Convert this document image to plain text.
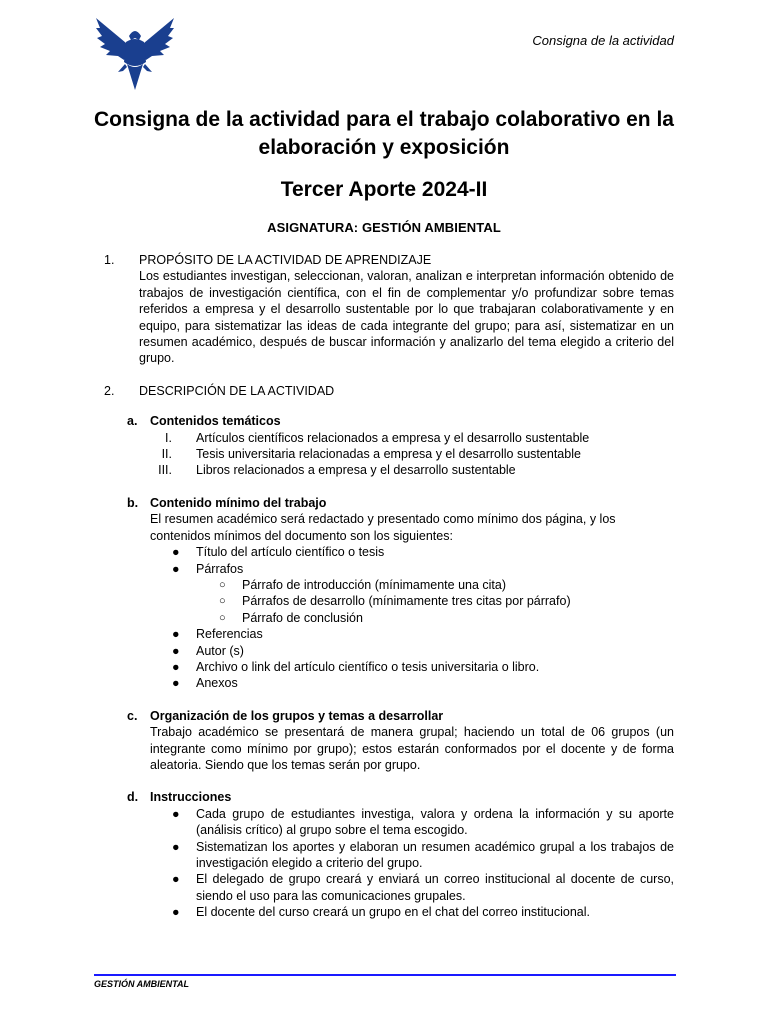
Consigna de la actividad
Consigna de la actividad para el trabajo colaborativo en la elaboración y exposición
Tercer Aporte 2024-II
ASIGNATURA: GESTIÓN AMBIENTAL
1. PROPÓSITO DE LA ACTIVIDAD DE APRENDIZAJE
Los estudiantes investigan, seleccionan, valoran, analizan e interpretan información obtenido de trabajos de investigación científica, con el fin de complementar y/o profundizar sobre temas referidos a empresa y el desarrollo sustentable por lo que trabajaran colaborativamente y en equipo, para sistematizar las ideas de cada integrante del grupo; para así, sistematizar en un resumen académico, después de buscar información y analizarlo del tema elegido a criterio del grupo.
2. DESCRIPCIÓN DE LA ACTIVIDAD
a. Contenidos temáticos
I. Artículos científicos relacionados a empresa y el desarrollo sustentable
II. Tesis universitaria relacionadas a empresa y el desarrollo sustentable
III. Libros relacionados a empresa y el desarrollo sustentable
b. Contenido mínimo del trabajo
El resumen académico será redactado y presentado como mínimo dos página, y los contenidos mínimos del documento son los siguientes:
● Título del artículo científico o tesis
● Párrafos
○ Párrafo de introducción (mínimamente una cita)
○ Párrafos de desarrollo (mínimamente tres citas por párrafo)
○ Párrafo de conclusión
● Referencias
● Autor (s)
● Archivo o link del artículo científico o tesis universitaria o libro.
● Anexos
c. Organización de los grupos y temas a desarrollar
Trabajo académico se presentará de manera grupal; haciendo un total de 06 grupos (un integrante como mínimo por grupo); estos estarán conformados por el docente y de forma aleatoria. Siendo que los temas serán por grupo.
d. Instrucciones
● Cada grupo de estudiantes investiga, valora y ordena la información y su aporte (análisis crítico) al grupo sobre el tema escogido.
● Sistematizan los aportes y elaboran un resumen académico grupal a los trabajos de investigación elegido a criterio del grupo.
● El delegado de grupo creará y enviará un correo institucional al docente de curso, siendo el uso para las comunicaciones grupales.
● El docente del curso creará un grupo en el chat del correo institucional.
GESTIÓN AMBIENTAL
